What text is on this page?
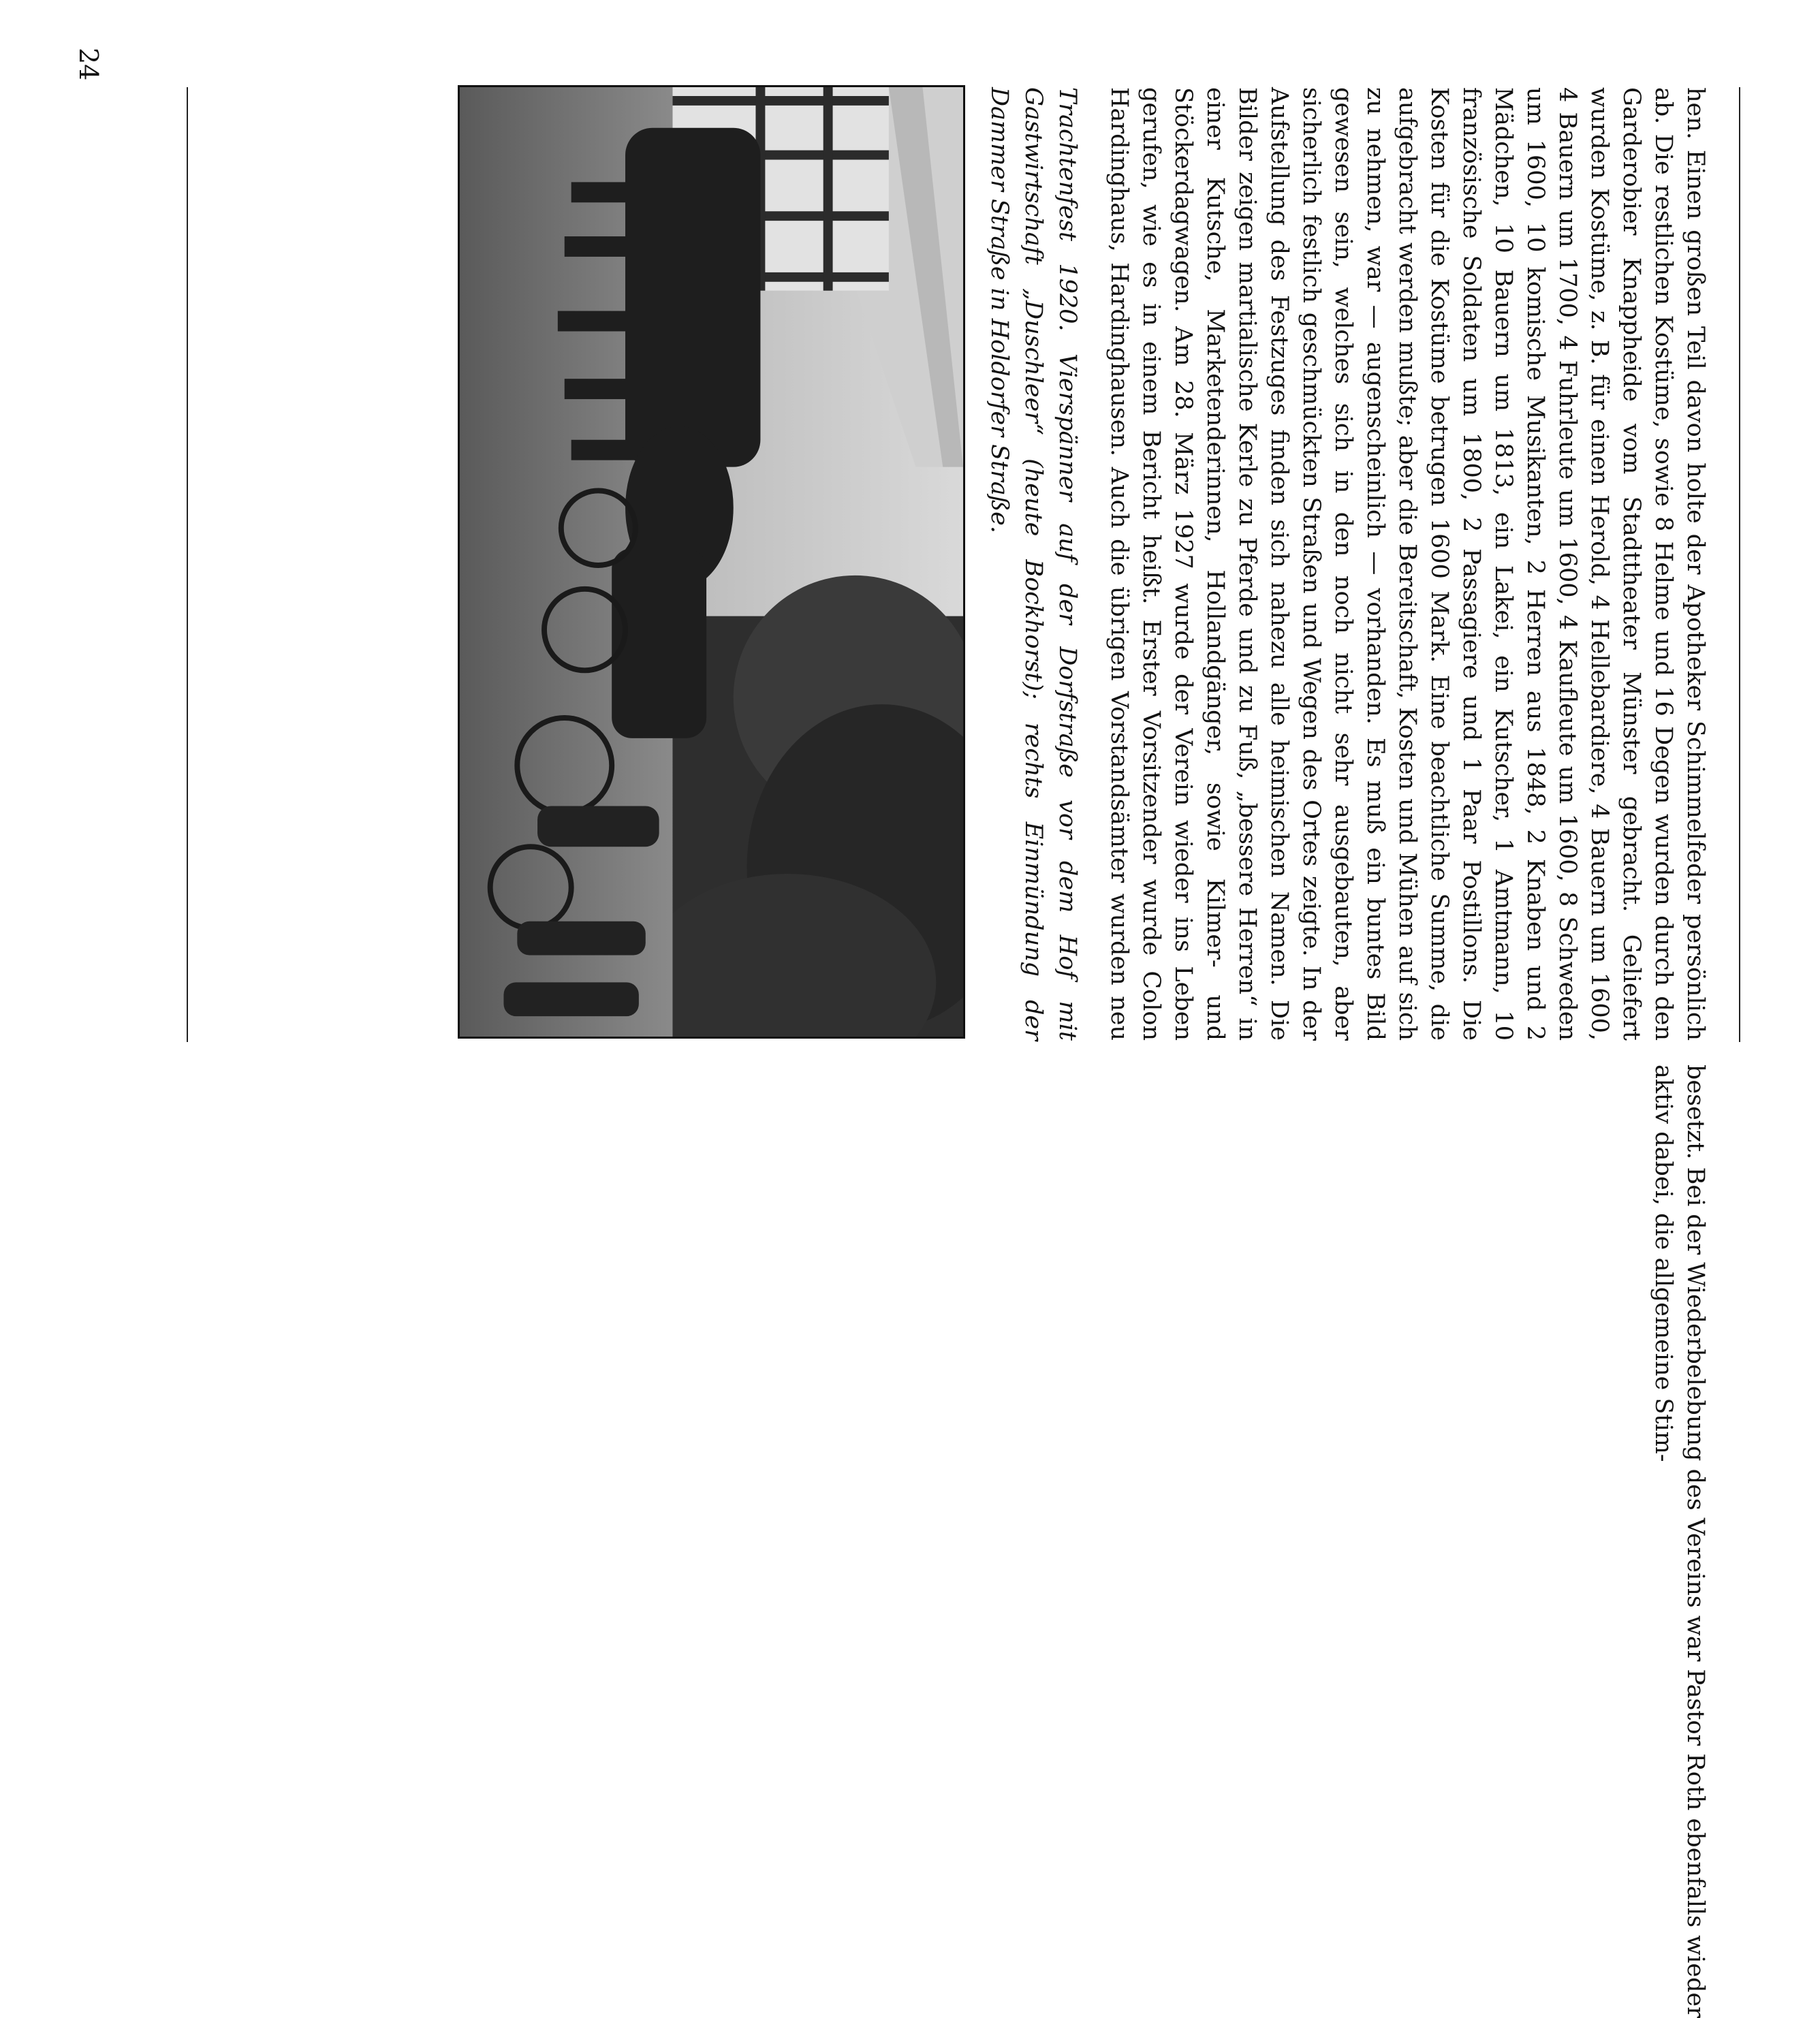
hen. Einen großen Teil davon holte der Apotheker Schimmelfeder persönlich ab. Die restlichen Kostüme, sowie 8 Helme und 16 Degen wurden durch den Garderobier Knappheide vom Stadttheater Münster gebracht. Geliefert wurden Kostüme, z. B. für einen Herold, 4 Hellebardiere, 4 Bauern um 1600, 4 Bauern um 1700, 4 Fuhrleute um 1600, 4 Kaufleute um 1600, 8 Schweden um 1600, 10 komische Musikanten, 2 Herren aus 1848, 2 Knaben und 2 Mädchen, 10 Bauern um 1813, ein Lakei, ein Kutscher, 1 Amtmann, 10 französische Soldaten um 1800, 2 Passagiere und 1 Paar Postillons. Die Kosten für die Kostüme betrugen 1600 Mark. Eine beachtliche Summe, die aufgebracht werden mußte; aber die Bereitschaft, Kosten und Mühen auf sich zu nehmen, war — augenscheinlich — vorhanden. Es muß ein buntes Bild gewesen sein, welches sich in den noch nicht sehr ausgebauten, aber sicherlich festlich geschmückten Straßen und Wegen des Ortes zeigte. In der Aufstellung des Festzuges finden sich nahezu alle heimischen Namen. Die Bilder zeigen martialische Kerle zu Pferde und zu Fuß, „bessere Herren“ in einer Kutsche, Marketenderinnen, Hollandgänger, sowie Kilmer- und Stöckerdagwagen. Am 28. März 1927 wurde der Verein wieder ins Leben gerufen, wie es in einem Bericht heißt. Erster Vorsitzender wurde Colon Hardinghaus, Hardinghausen. Auch die übrigen Vorstandsämter wurden neu besetzt. Bei der Wiederbelebung des Vereins war Pastor Roth ebenfalls wieder aktiv dabei, die allgemeine Stim-

Trachtenfest 1920. Vierspänner auf der Dorfstraße vor dem Hof mit Gastwirtschaft „Duschleer“ (heute Bockhorst); rechts Einmündung der Dammer Straße in Holdorfer Straße.
24
